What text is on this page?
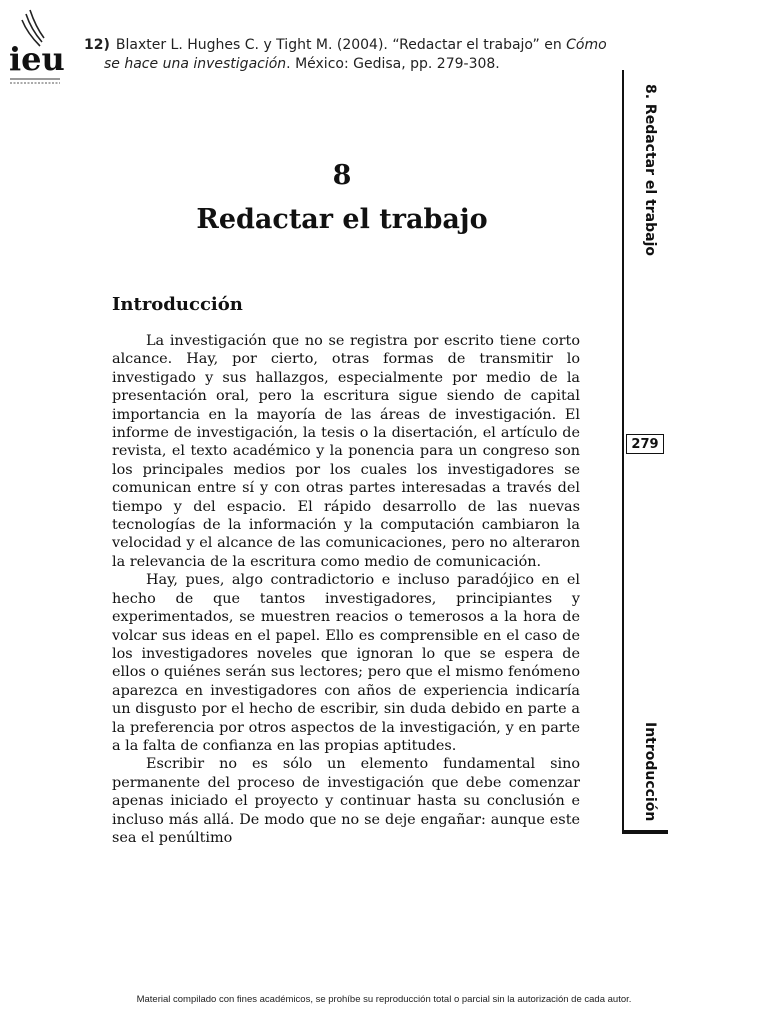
ieu 12) Blaxter L. Hughes C. y Tight M. (2004). “Redactar el trabajo” en Cómo
se hace una investigación. México: Gedisa, pp. 279-308.
8
Redactar el trabajo
Introducción

La investigación que no se registra por escrito tiene corto alcance. Hay, por cierto, otras formas de transmitir lo investigado y sus hallazgos, especialmente por medio de la presentación oral, pero la escritura sigue siendo de capital importancia en la mayoría de las áreas de investigación. El informe de investigación, la tesis o la disertación, el artículo de revista, el texto académico y la ponencia para un congreso son los principales medios por los cuales los investigadores se comunican entre sí y con otras partes interesadas a través del tiempo y del espacio. El rápido desarrollo de las nuevas tecnologías de la información y la computación cambiaron la velocidad y el alcance de las comunicaciones, pero no alteraron la relevancia de la escritura como medio de comunicación.

Hay, pues, algo contradictorio e incluso paradójico en el hecho de que tantos investigadores, principiantes y experimentados, se muestren reacios o temerosos a la hora de volcar sus ideas en el papel. Ello es comprensible en el caso de los investigadores noveles que ignoran lo que se espera de ellos o quiénes serán sus lectores; pero que el mismo fenómeno aparezca en investigadores con años de experiencia indicaría un disgusto por el hecho de escribir, sin duda debido en parte a la preferencia por otros aspectos de la investigación, y en parte a la falta de confianza en las propias aptitudes.

Escribir no es sólo un elemento fundamental sino permanente del proceso de investigación que debe comenzar apenas iniciado el proyecto y continuar hasta su conclusión e incluso más allá. De modo que no se deje engañar: aunque este sea el penúltimo

8. Redactar el trabajo
279
Introducción
Material compilado con fines académicos, se prohíbe su reproducción total o parcial sin la autorización de cada autor.
